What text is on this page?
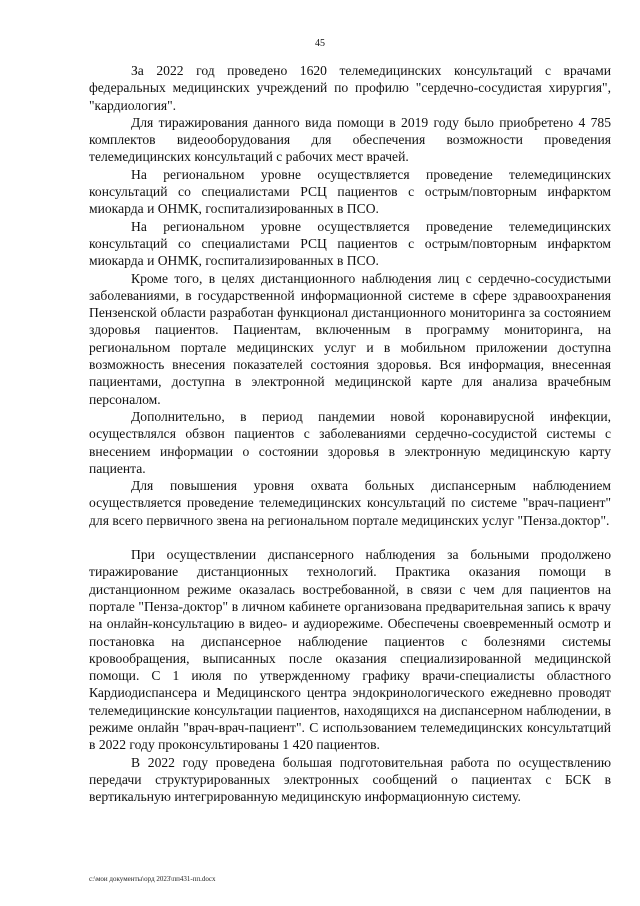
45

За 2022 год проведено 1620 телемедицинских консультаций с врачами федеральных медицинских учреждений по профилю "сердечно-сосудистая хирургия", "кардиология".

Для тиражирования данного вида помощи в 2019 году было приобретено 4 785 комплектов видеооборудования для обеспечения возможности проведения телемедицинских консультаций с рабочих мест врачей.

На региональном уровне осуществляется проведение телемедицинских консультаций со специалистами РСЦ пациентов с острым/повторным инфарктом миокарда и ОНМК, госпитализированных в ПСО.

На региональном уровне осуществляется проведение телемедицинских консультаций со специалистами РСЦ пациентов с острым/повторным инфарктом миокарда и ОНМК, госпитализированных в ПСО.

Кроме того, в целях дистанционного наблюдения лиц с сердечно-сосудистыми заболеваниями, в государственной информационной системе в сфере здравоохранения Пензенской области разработан функционал дистанционного мониторинга за состоянием здоровья пациентов. Пациентам, включенным в программу мониторинга, на региональном портале медицинских услуг и в мобильном приложении доступна возможность внесения показателей состояния здоровья. Вся информация, внесенная пациентами, доступна в электронной медицинской карте для анализа врачебным персоналом.

Дополнительно, в период пандемии новой коронавирусной инфекции, осуществлялся обзвон пациентов с заболеваниями сердечно-сосудистой системы с внесением информации о состоянии здоровья в электронную медицинскую карту пациента.

Для повышения уровня охвата больных диспансерным наблюдением осуществляется проведение телемедицинских консультаций по системе "врач-пациент" для всего первичного звена на региональном портале медицинских услуг "Пенза.доктор".

При осуществлении диспансерного наблюдения за больными продолжено тиражирование дистанционных технологий. Практика оказания помощи в дистанционном режиме оказалась востребованной, в связи с чем для пациентов на портале "Пенза-доктор" в личном кабинете организована предварительная запись к врачу на онлайн-консультацию в видео- и аудиорежиме. Обеспечены своевременный осмотр и постановка на диспансерное наблюдение пациентов с болезнями системы кровообращения, выписанных после оказания специализированной медицинской помощи. С 1 июля по утвержденному графику врачи-специалисты областного Кардиодиспансера и Медицинского центра эндокринологического ежедневно проводят телемедицинские консультации пациентов, находящихся на диспансерном наблюдении, в режиме онлайн "врач-врач-пациент". С использованием телемедицинских консультатций в 2022 году проконсультированы 1 420 пациентов.

В 2022 году проведена большая подготовительная работа по осуществлению передачи структурированных электронных сообщений о пациентах с БСК в вертикальную интегрированную медицинскую информационную систему.

c:\мои документы\орд 2023\пп431-пп.docx
